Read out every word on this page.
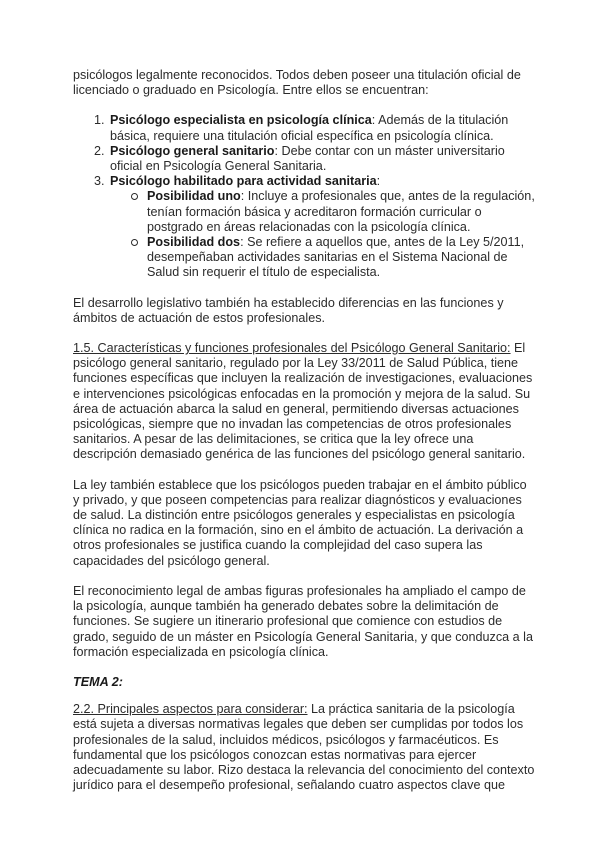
psicólogos legalmente reconocidos. Todos deben poseer una titulación oficial de licenciado o graduado en Psicología. Entre ellos se encuentran:

1. Psicólogo especialista en psicología clínica: Además de la titulación básica, requiere una titulación oficial específica en psicología clínica.
2. Psicólogo general sanitario: Debe contar con un máster universitario oficial en Psicología General Sanitaria.
3. Psicólogo habilitado para actividad sanitaria:
Posibilidad uno: Incluye a profesionales que, antes de la regulación, tenían formación básica y acreditaron formación curricular o postgrado en áreas relacionadas con la psicología clínica.
Posibilidad dos: Se refiere a aquellos que, antes de la Ley 5/2011, desempeñaban actividades sanitarias en el Sistema Nacional de Salud sin requerir el título de especialista.

El desarrollo legislativo también ha establecido diferencias en las funciones y ámbitos de actuación de estos profesionales.

1.5. Características y funciones profesionales del Psicólogo General Sanitario: El psicólogo general sanitario, regulado por la Ley 33/2011 de Salud Pública, tiene funciones específicas que incluyen la realización de investigaciones, evaluaciones e intervenciones psicológicas enfocadas en la promoción y mejora de la salud. Su área de actuación abarca la salud en general, permitiendo diversas actuaciones psicológicas, siempre que no invadan las competencias de otros profesionales sanitarios. A pesar de las delimitaciones, se critica que la ley ofrece una descripción demasiado genérica de las funciones del psicólogo general sanitario.

La ley también establece que los psicólogos pueden trabajar en el ámbito público y privado, y que poseen competencias para realizar diagnósticos y evaluaciones de salud. La distinción entre psicólogos generales y especialistas en psicología clínica no radica en la formación, sino en el ámbito de actuación. La derivación a otros profesionales se justifica cuando la complejidad del caso supera las capacidades del psicólogo general.

El reconocimiento legal de ambas figuras profesionales ha ampliado el campo de la psicología, aunque también ha generado debates sobre la delimitación de funciones. Se sugiere un itinerario profesional que comience con estudios de grado, seguido de un máster en Psicología General Sanitaria, y que conduzca a la formación especializada en psicología clínica.

TEMA 2:

2.2. Principales aspectos para considerar: La práctica sanitaria de la psicología está sujeta a diversas normativas legales que deben ser cumplidas por todos los profesionales de la salud, incluidos médicos, psicólogos y farmacéuticos. Es fundamental que los psicólogos conozcan estas normativas para ejercer adecuadamente su labor. Rizo destaca la relevancia del conocimiento del contexto jurídico para el desempeño profesional, señalando cuatro aspectos clave que
